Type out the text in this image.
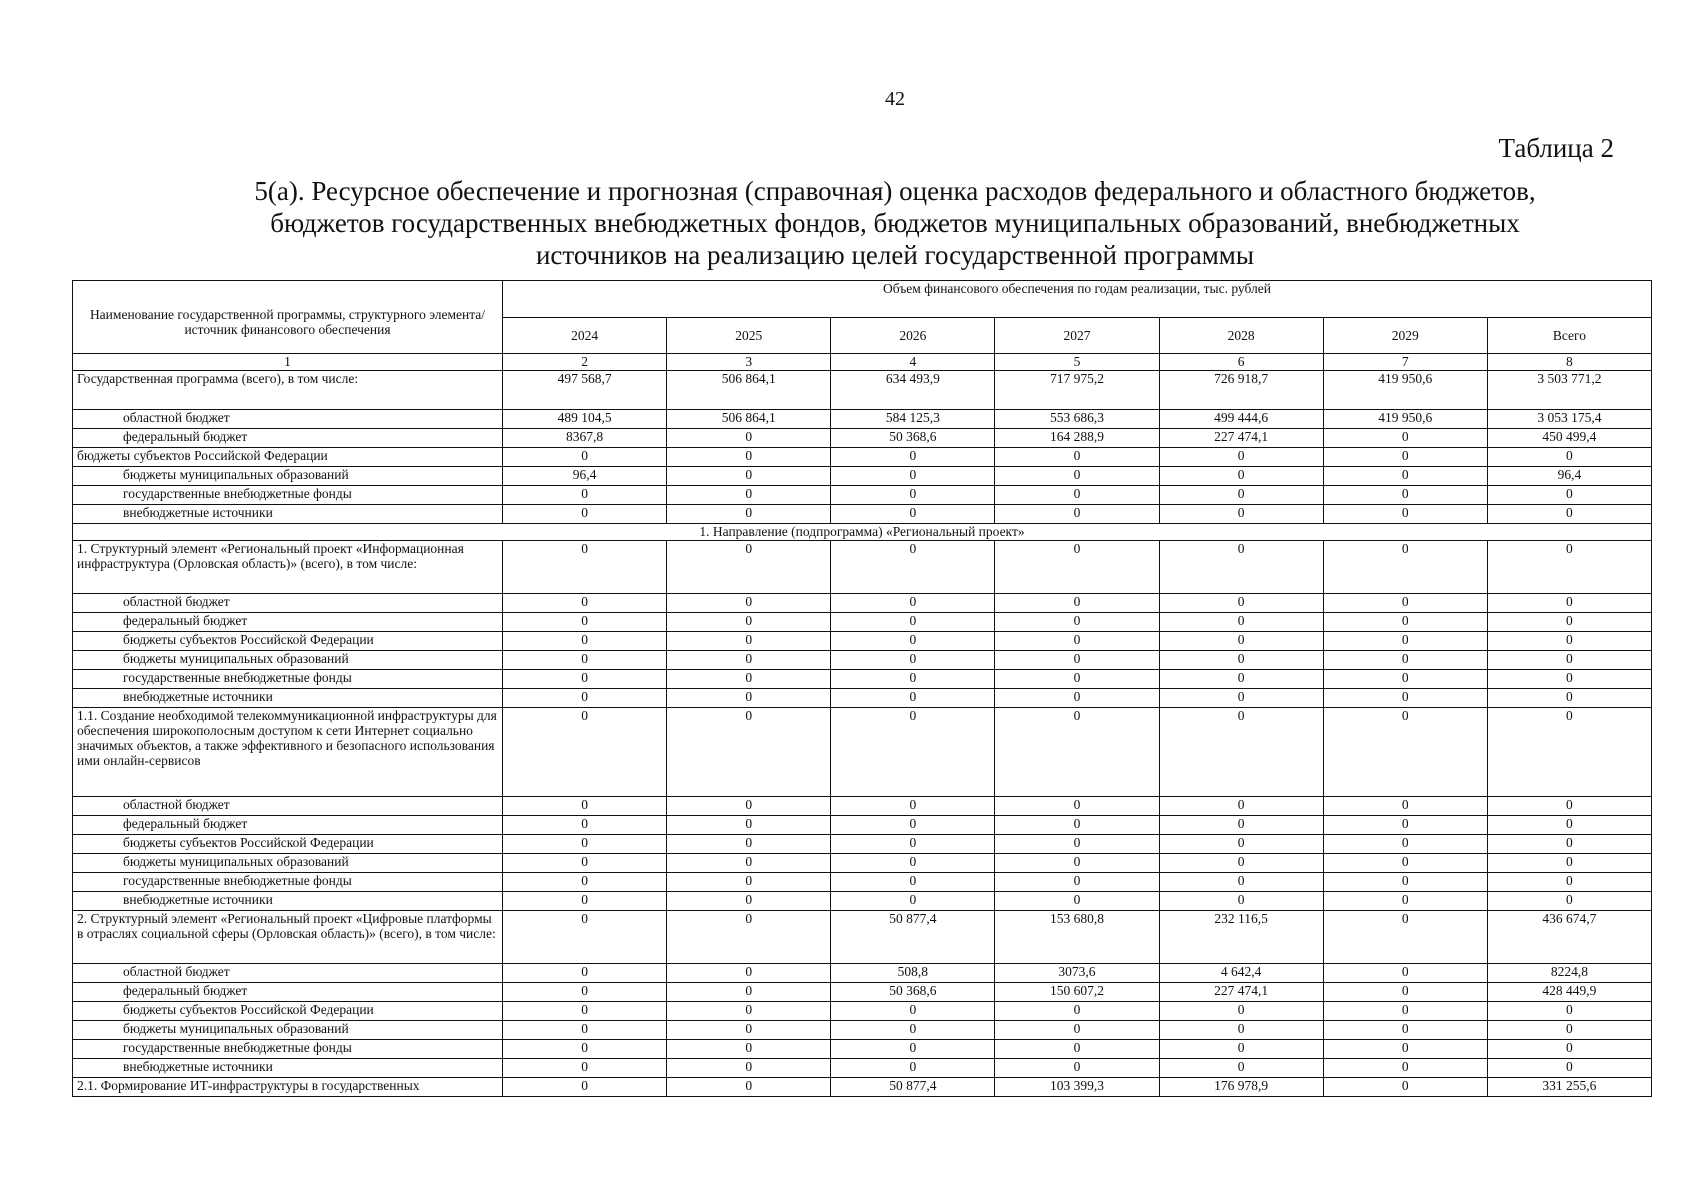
42
Таблица 2
5(а). Ресурсное обеспечение и прогнозная (справочная) оценка расходов федерального и областного бюджетов,
бюджетов государственных внебюджетных фондов, бюджетов муниципальных образований, внебюджетных
источников на реализацию целей государственной программы
Наименование государственной программы, структурного элемента/источник финансового обеспечения	Объем финансового обеспечения по годам реализации, тыс. рублей						
	2024	2025	2026	2027	2028	2029	Всего
1	2	3	4	5	6	7	8
Государственная программа (всего), в том числе:	497 568,7	506 864,1	634 493,9	717 975,2	726 918,7	419 950,6	3 503 771,2
областной бюджет	489 104,5	506 864,1	584 125,3	553 686,3	499 444,6	419 950,6	3 053 175,4
федеральный бюджет	8367,8	0	50 368,6	164 288,9	227 474,1	0	450 499,4
бюджеты субъектов Российской Федерации	0	0	0	0	0	0	0
бюджеты муниципальных образований	96,4	0	0	0	0	0	96,4
государственные внебюджетные фонды	0	0	0	0	0	0	0
внебюджетные источники	0	0	0	0	0	0	0
1. Направление (подпрограмма) «Региональный проект»							
1. Структурный элемент «Региональный проект «Информационная инфраструктура (Орловская область)» (всего), в том числе:	0	0	0	0	0	0	0
областной бюджет	0	0	0	0	0	0	0
федеральный бюджет	0	0	0	0	0	0	0
бюджеты субъектов Российской Федерации	0	0	0	0	0	0	0
бюджеты муниципальных образований	0	0	0	0	0	0	0
государственные внебюджетные фонды	0	0	0	0	0	0	0
внебюджетные источники	0	0	0	0	0	0	0
1.1. Создание необходимой телекоммуникационной инфраструктуры для обеспечения широкополосным доступом к сети Интернет социально значимых объектов, а также эффективного и безопасного использования ими онлайн-сервисов	0	0	0	0	0	0	0
областной бюджет	0	0	0	0	0	0	0
федеральный бюджет	0	0	0	0	0	0	0
бюджеты субъектов Российской Федерации	0	0	0	0	0	0	0
бюджеты муниципальных образований	0	0	0	0	0	0	0
государственные внебюджетные фонды	0	0	0	0	0	0	0
внебюджетные источники	0	0	0	0	0	0	0
2. Структурный элемент «Региональный проект «Цифровые платформы в отраслях социальной сферы (Орловская область)» (всего), в том числе:	0	0	50 877,4	153 680,8	232 116,5	0	436 674,7
областной бюджет	0	0	508,8	3073,6	4 642,4	0	8224,8
федеральный бюджет	0	0	50 368,6	150 607,2	227 474,1	0	428 449,9
бюджеты субъектов Российской Федерации	0	0	0	0	0	0	0
бюджеты муниципальных образований	0	0	0	0	0	0	0
государственные внебюджетные фонды	0	0	0	0	0	0	0
внебюджетные источники	0	0	0	0	0	0	0
2.1. Формирование ИТ-инфраструктуры в государственных	0	0	50 877,4	103 399,3	176 978,9	0	331 255,6
